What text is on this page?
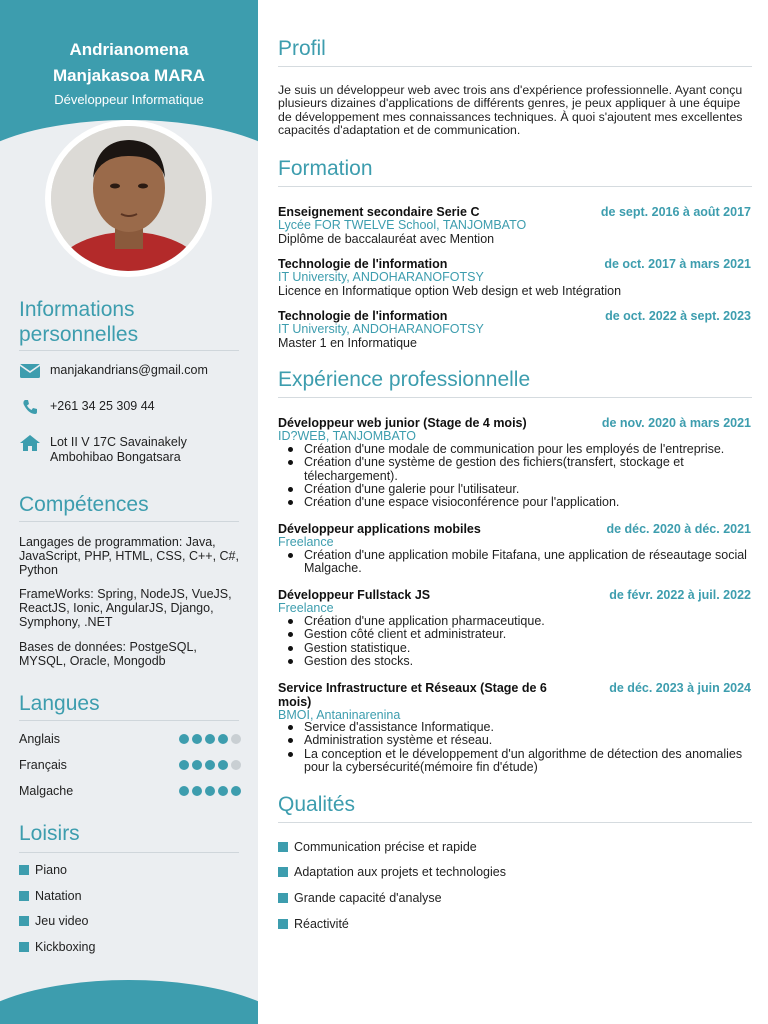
Andrianomena
Manjakasoa MARA
Développeur Informatique
Informations
personnelles
manjakandrians@gmail.com
+261 34 25 309 44
Lot II V 17C Savainakely
Ambohibao Bongatsara
Compétences

Langages de programmation: Java, JavaScript, PHP, HTML, CSS, C++, C#, Python

FrameWorks: Spring, NodeJS, VueJS, ReactJS, Ionic, AngularJS, Django, Symphony, .NET

Bases de données: PostgeSQL, MYSQL, Oracle, Mongodb

Langues
Anglais
Français
Malgache
Loisirs
Piano
Natation
Jeu video
Kickboxing
Profil
Je suis un développeur web avec trois ans d'expérience professionnelle. Ayant conçu plusieurs dizaines d'applications de différents genres, je peux appliquer à une équipe de développement mes connaissances techniques. À quoi s'ajoutent mes excellentes capacités d'adaptation et de communication.
Formation
Enseignement secondaire Serie C	de sept. 2016 à août 2017
Lycée FOR TWELVE School, TANJOMBATO
Diplôme de baccalauréat avec Mention
Technologie de l'information	de oct. 2017 à mars 2021
IT University, ANDOHARANOFOTSY
Licence en Informatique option Web design et web Intégration
Technologie de l'information	de oct. 2022 à sept. 2023
IT University, ANDOHARANOFOTSY
Master 1 en Informatique
Expérience professionnelle
Développeur web junior (Stage de 4 mois)	de nov. 2020 à mars 2021
ID?WEB, TANJOMBATO
Création d'une modale de communication pour les employés de l'entreprise.
Création d'une système de gestion des fichiers(transfert, stockage et télechargement).
Création d'une galerie pour l'utilisateur.
Création d'une espace visioconférence pour l'application.
Développeur applications mobiles	de déc. 2020 à déc. 2021
Freelance
Création d'une application mobile Fitafana, une application de réseautage social Malgache.
Développeur Fullstack JS	de févr. 2022 à juil. 2022
Freelance
Création d'une application pharmaceutique.
Gestion côté client et administrateur.
Gestion statistique.
Gestion des stocks.
Service Infrastructure et Réseaux (Stage de 6 mois)
de déc. 2023 à juin 2024
BMOI, Antaninarenina
Service d'assistance Informatique.
Administration système et réseau.
La conception et le développement d'un algorithme de détection des anomalies pour la cybersécurité(mémoire fin d'étude)
Qualités
Communication précise et rapide
Adaptation aux projets et technologies
Grande capacité d'analyse
Réactivité
